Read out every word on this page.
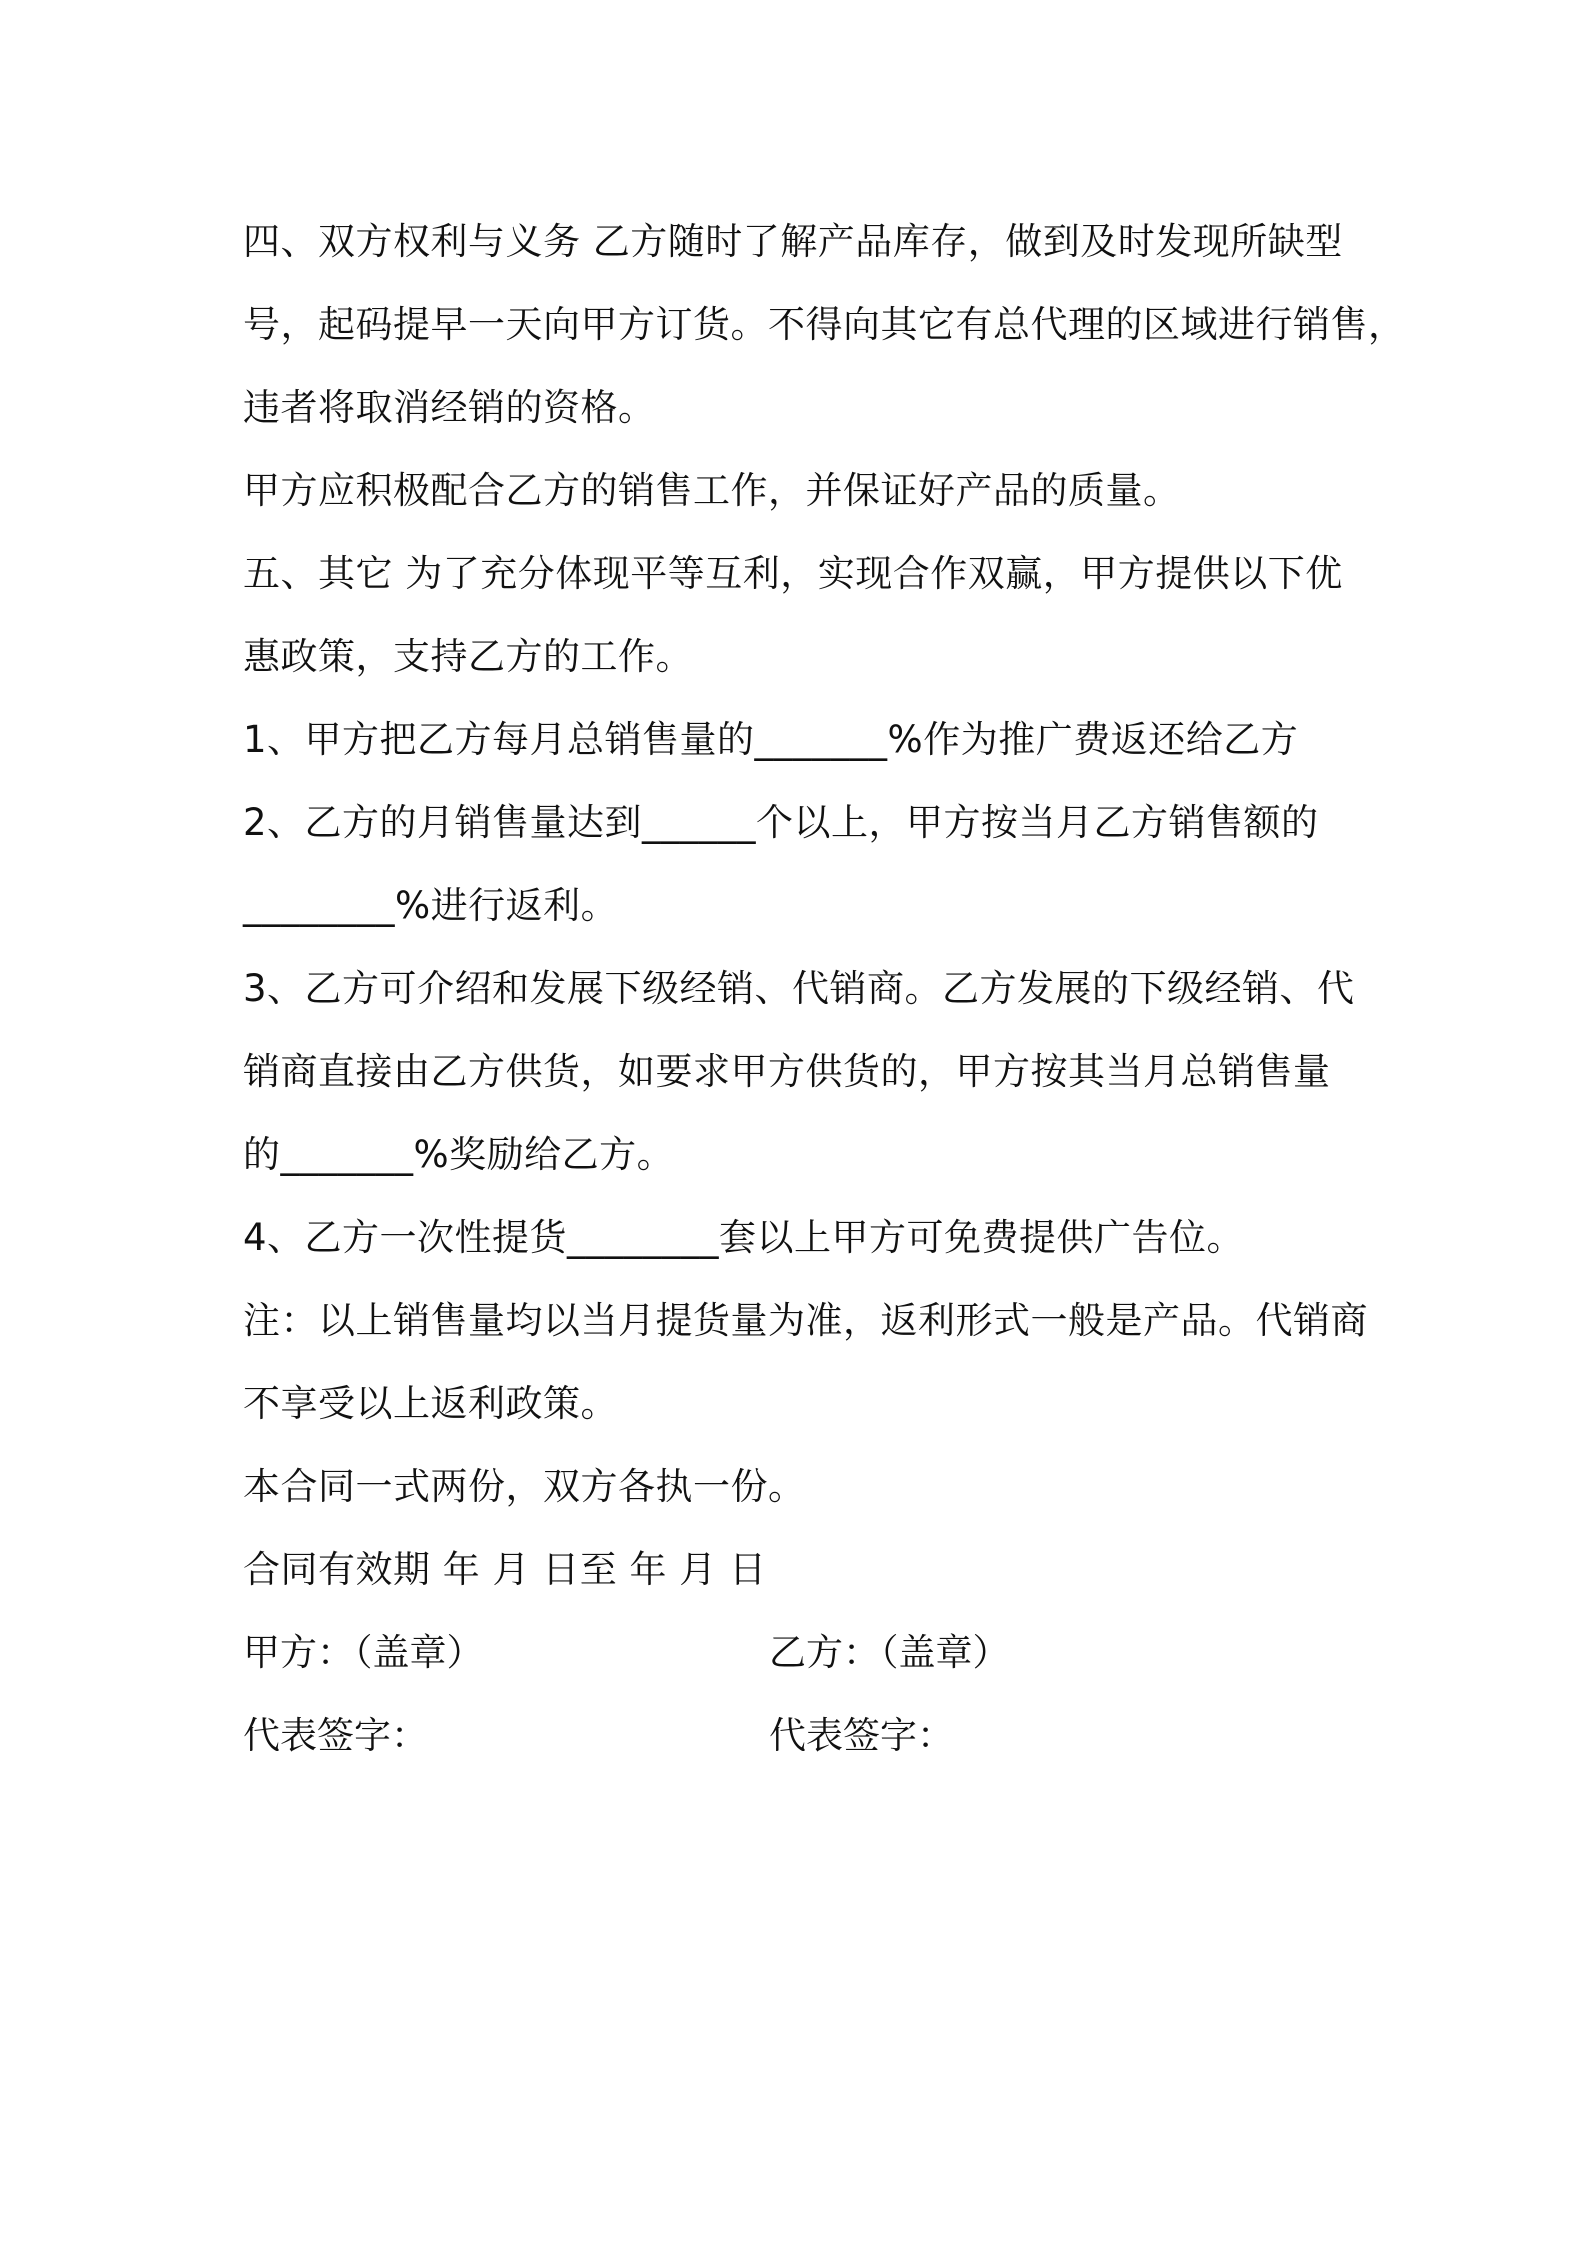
四、双方权利与义务 乙方随时了解产品库存，做到及时发现所缺型
号，起码提早一天向甲方订货。不得向其它有总代理的区域进行销售，
违者将取消经销的资格。
甲方应积极配合乙方的销售工作，并保证好产品的质量。
五、其它 为了充分体现平等互利，实现合作双赢，甲方提供以下优
惠政策，支持乙方的工作。
1、甲方把乙方每月总销售量的_______%作为推广费返还给乙方
2、乙方的月销售量达到______个以上，甲方按当月乙方销售额的
________%进行返利。
3、乙方可介绍和发展下级经销、代销商。乙方发展的下级经销、代
销商直接由乙方供货，如要求甲方供货的，甲方按其当月总销售量
的_______%奖励给乙方。
4、乙方一次性提货________套以上甲方可免费提供广告位。
注：以上销售量均以当月提货量为准，返利形式一般是产品。代销商
不享受以上返利政策。
本合同一式两份，双方各执一份。
合同有效期 年 月 日至 年 月 日
甲方：（盖章）	乙方：（盖章）
代表签字：	代表签字：
